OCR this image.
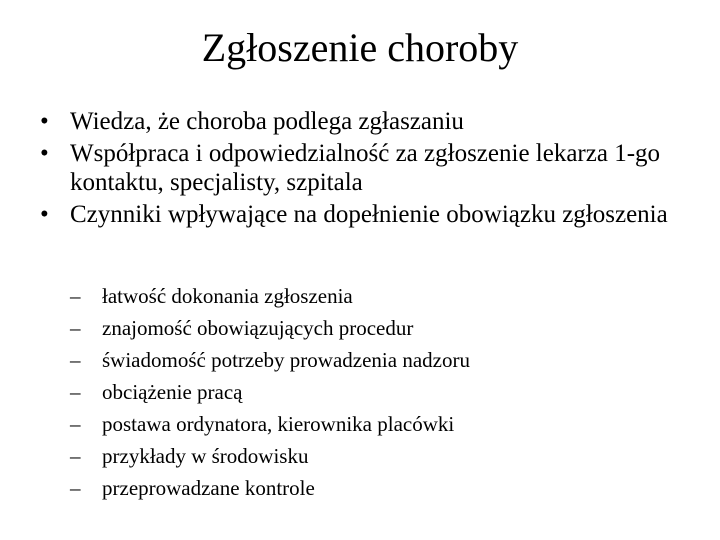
Zgłoszenie choroby
• Wiedza, że choroba podlega zgłaszaniu
• Współpraca i odpowiedzialność za zgłoszenie lekarza 1-go kontaktu, specjalisty, szpitala
• Czynniki wpływające na dopełnienie obowiązku zgłoszenia
– łatwość dokonania zgłoszenia
– znajomość obowiązujących procedur
– świadomość potrzeby prowadzenia nadzoru
– obciążenie pracą
– postawa ordynatora, kierownika placówki
– przykłady w środowisku
– przeprowadzane kontrole
